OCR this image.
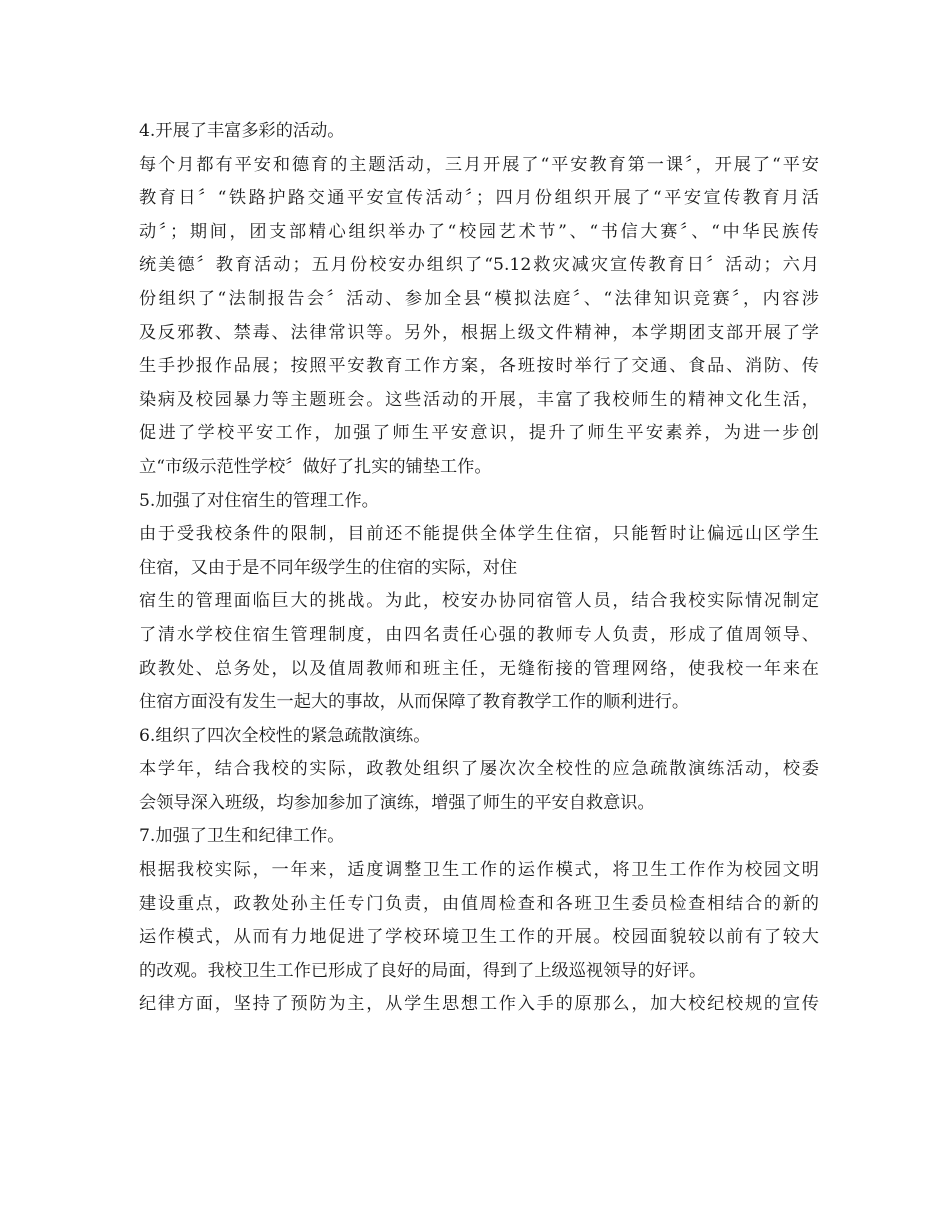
4.开展了丰富多彩的活动。
每个月都有平安和德育的主题活动，三月开展了“平安教育第一课〞，开展了“平安
教育日〞“铁路护路交通平安宣传活动〞；四月份组织开展了“平安宣传教育月活
动〞；期间，团支部精心组织举办了“校园艺术节”、“书信大赛〞、“中华民族传
统美德〞教育活动；五月份校安办组织了“5.12救灾减灾宣传教育日〞活动；六月
份组织了“法制报告会〞活动、参加全县“模拟法庭〞、“法律知识竞赛〞，内容涉
及反邪教、禁毒、法律常识等。另外，根据上级文件精神，本学期团支部开展了学
生手抄报作品展；按照平安教育工作方案，各班按时举行了交通、食品、消防、传
染病及校园暴力等主题班会。这些活动的开展，丰富了我校师生的精神文化生活，
促进了学校平安工作，加强了师生平安意识，提升了师生平安素养，为进一步创
立“市级示范性学校〞做好了扎实的铺垫工作。
5.加强了对住宿生的管理工作。
由于受我校条件的限制，目前还不能提供全体学生住宿，只能暂时让偏远山区学生
住宿，又由于是不同年级学生的住宿的实际，对住
宿生的管理面临巨大的挑战。为此，校安办协同宿管人员，结合我校实际情况制定
了清水学校住宿生管理制度，由四名责任心强的教师专人负责，形成了值周领导、
政教处、总务处，以及值周教师和班主任，无缝衔接的管理网络，使我校一年来在
住宿方面没有发生一起大的事故，从而保障了教育教学工作的顺利进行。
6.组织了四次全校性的紧急疏散演练。
本学年，结合我校的实际，政教处组织了屡次次全校性的应急疏散演练活动，校委
会领导深入班级，均参加参加了演练，增强了师生的平安自救意识。
7.加强了卫生和纪律工作。
根据我校实际，一年来，适度调整卫生工作的运作模式，将卫生工作作为校园文明
建设重点，政教处孙主任专门负责，由值周检查和各班卫生委员检查相结合的新的
运作模式，从而有力地促进了学校环境卫生工作的开展。校园面貌较以前有了较大
的改观。我校卫生工作已形成了良好的局面，得到了上级巡视领导的好评。
纪律方面，坚持了预防为主，从学生思想工作入手的原那么，加大校纪校规的宣传
